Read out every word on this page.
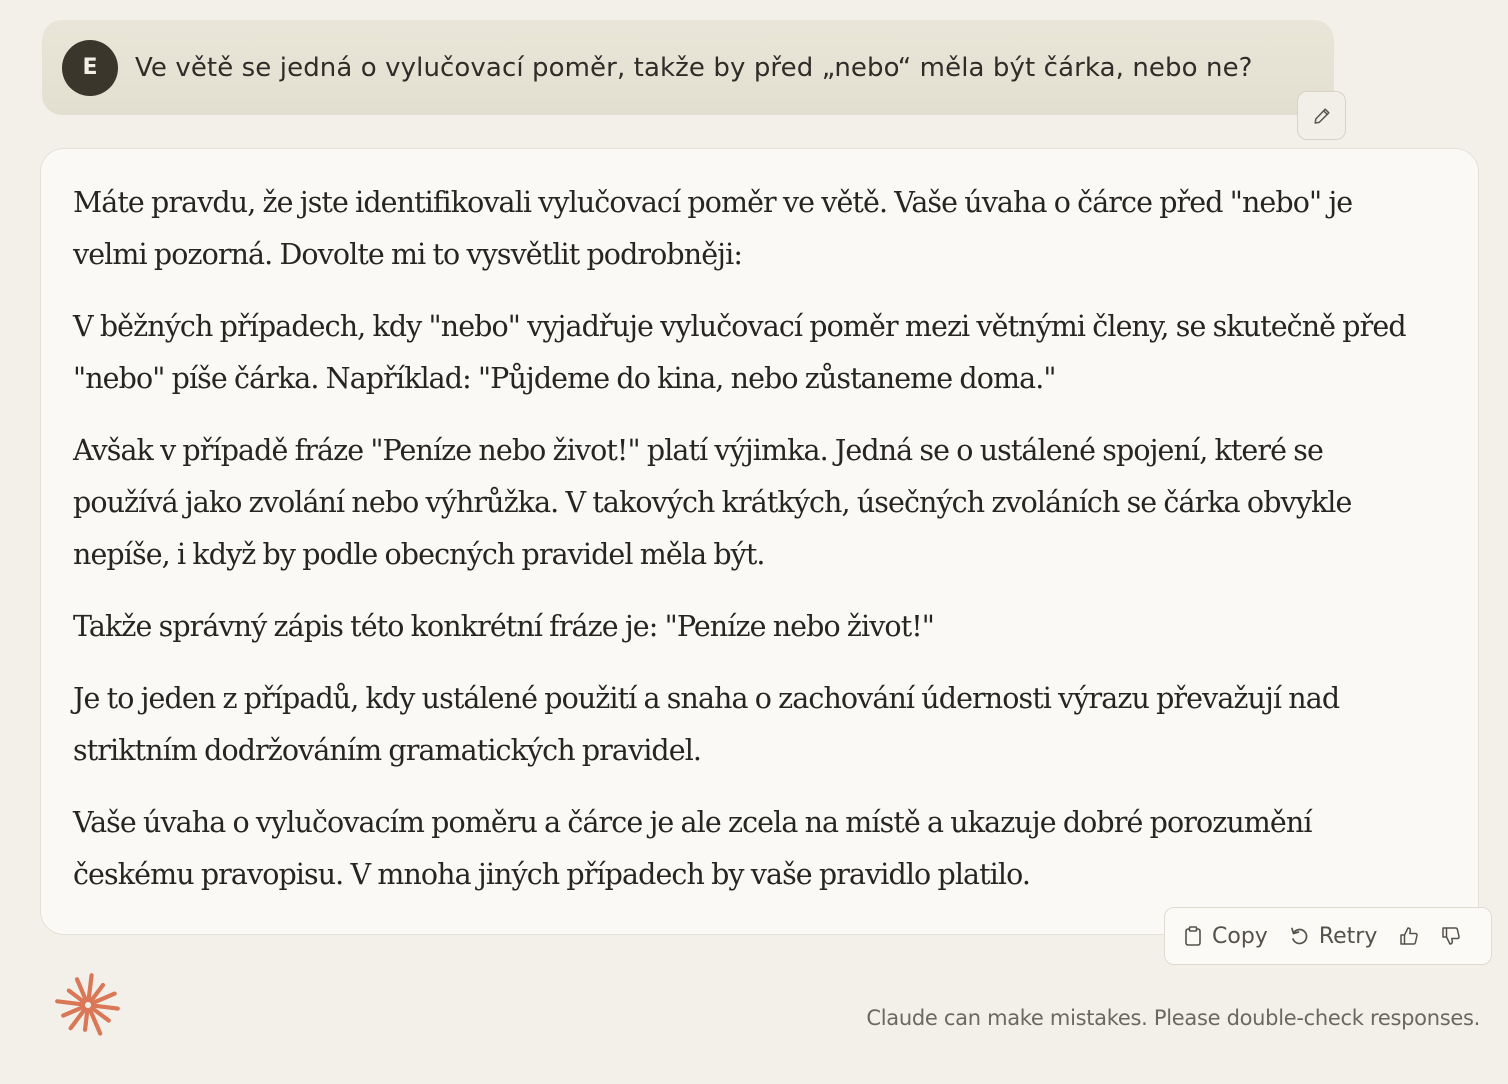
E	Ve větě se jedná o vylučovací poměr, takže by před „nebo“ měla být čárka, nebo ne?

Máte pravdu, že jste identifikovali vylučovací poměr ve větě. Vaše úvaha o čárce před "nebo" je velmi pozorná. Dovolte mi to vysvětlit podrobněji:

V běžných případech, kdy "nebo" vyjadřuje vylučovací poměr mezi větnými členy, se skutečně před "nebo" píše čárka. Například: "Půjdeme do kina, nebo zůstaneme doma."

Avšak v případě fráze "Peníze nebo život!" platí výjimka. Jedná se o ustálené spojení, které se používá jako zvolání nebo výhrůžka. V takových krátkých, úsečných zvoláních se čárka obvykle nepíše, i když by podle obecných pravidel měla být.

Takže správný zápis této konkrétní fráze je: "Peníze nebo život!"

Je to jeden z případů, kdy ustálené použití a snaha o zachování údernosti výrazu převažují nad striktním dodržováním gramatických pravidel.

Vaše úvaha o vylučovacím poměru a čárce je ale zcela na místě a ukazuje dobré porozumění českému pravopisu. V mnoha jiných případech by vaše pravidlo platilo.

Copy Retry
Claude can make mistakes. Please double-check responses.
